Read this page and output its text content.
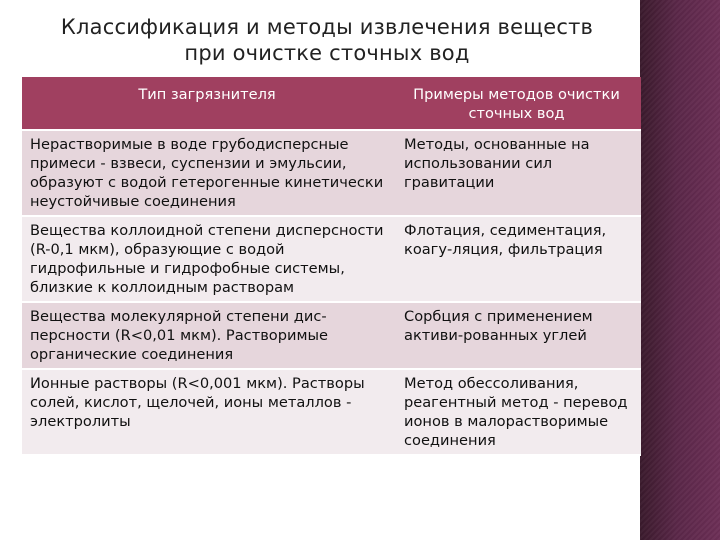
Классификация и методы извлечения веществ
при очистке сточных вод
Тип загрязнителя	Примеры методов очистки сточных вод
Нерастворимые в воде грубодисперсные примеси - взвеси, суспензии и эмульсии, образуют с водой гетерогенные кинетически неустойчивые соединения	Методы, основанные на использовании сил гравитации
Вещества коллоидной степени дисперсности (R-0,1 мкм), образующие с водой гидрофильные и гидрофобные системы, близкие к коллоидным растворам	Флотация, седиментация, коагу-ляция, фильтрация
Вещества молекулярной степени дис-персности (R<0,01 мкм). Растворимые органические соединения	Сорбция с применением активи-рованных углей
Ионные растворы (R<0,001 мкм). Растворы солей, кислот, щелочей, ионы металлов - электролиты	Метод обессоливания, реагентный метод - перевод ионов в малорастворимые соединения
